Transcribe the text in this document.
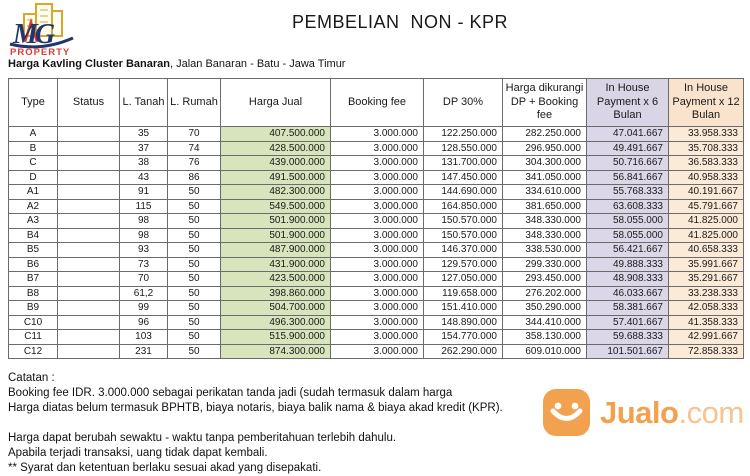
MG
PROPERTY
PEMBELIAN  NON - KPR
Harga Kavling Cluster Banaran, Jalan Banaran - Batu - Jawa Timur
Type	Status	L. Tanah	L. Rumah	Harga Jual	Booking fee	DP 30%	Harga dikurangi DP + Booking fee	In House Payment x 6 Bulan	In House Payment x 12 Bulan
A		35	70	407.500.000	3.000.000	122.250.000	282.250.000	47.041.667	33.958.333
B		37	74	428.500.000	3.000.000	128.550.000	296.950.000	49.491.667	35.708.333
C		38	76	439.000.000	3.000.000	131.700.000	304.300.000	50.716.667	36.583.333
D		43	86	491.500.000	3.000.000	147.450.000	341.050.000	56.841.667	40.958.333
A1		91	50	482.300.000	3.000.000	144.690.000	334.610.000	55.768.333	40.191.667
A2		115	50	549.500.000	3.000.000	164.850.000	381.650.000	63.608.333	45.791.667
A3		98	50	501.900.000	3.000.000	150.570.000	348.330.000	58.055.000	41.825.000
B4		98	50	501.900.000	3.000.000	150.570.000	348.330.000	58.055.000	41.825.000
B5		93	50	487.900.000	3.000.000	146.370.000	338.530.000	56.421.667	40.658.333
B6		73	50	431.900.000	3.000.000	129.570.000	299.330.000	49.888.333	35.991.667
B7		70	50	423.500.000	3.000.000	127.050.000	293.450.000	48.908.333	35.291.667
B8		61,2	50	398.860.000	3.000.000	119.658.000	276.202.000	46.033.667	33.238.333
B9		99	50	504.700.000	3.000.000	151.410.000	350.290.000	58.381.667	42.058.333
C10		96	50	496.300.000	3.000.000	148.890.000	344.410.000	57.401.667	41.358.333
C11		103	50	515.900.000	3.000.000	154.770.000	358.130.000	59.688.333	42.991.667
C12		231	50	874.300.000	3.000.000	262.290.000	609.010.000	101.501.667	72.858.333
Catatan :
Booking fee IDR. 3.000.000 sebagai perikatan tanda jadi (sudah termasuk dalam harga
Harga diatas belum termasuk BPHTB, biaya notaris, biaya balik nama & biaya akad kredit (KPR).
Harga dapat berubah sewaktu - waktu tanpa pemberitahuan terlebih dahulu.
Apabila terjadi transaksi, uang tidak dapat kembali.
** Syarat dan ketentuan berlaku sesuai akad yang disepakati.
Jualo.com
